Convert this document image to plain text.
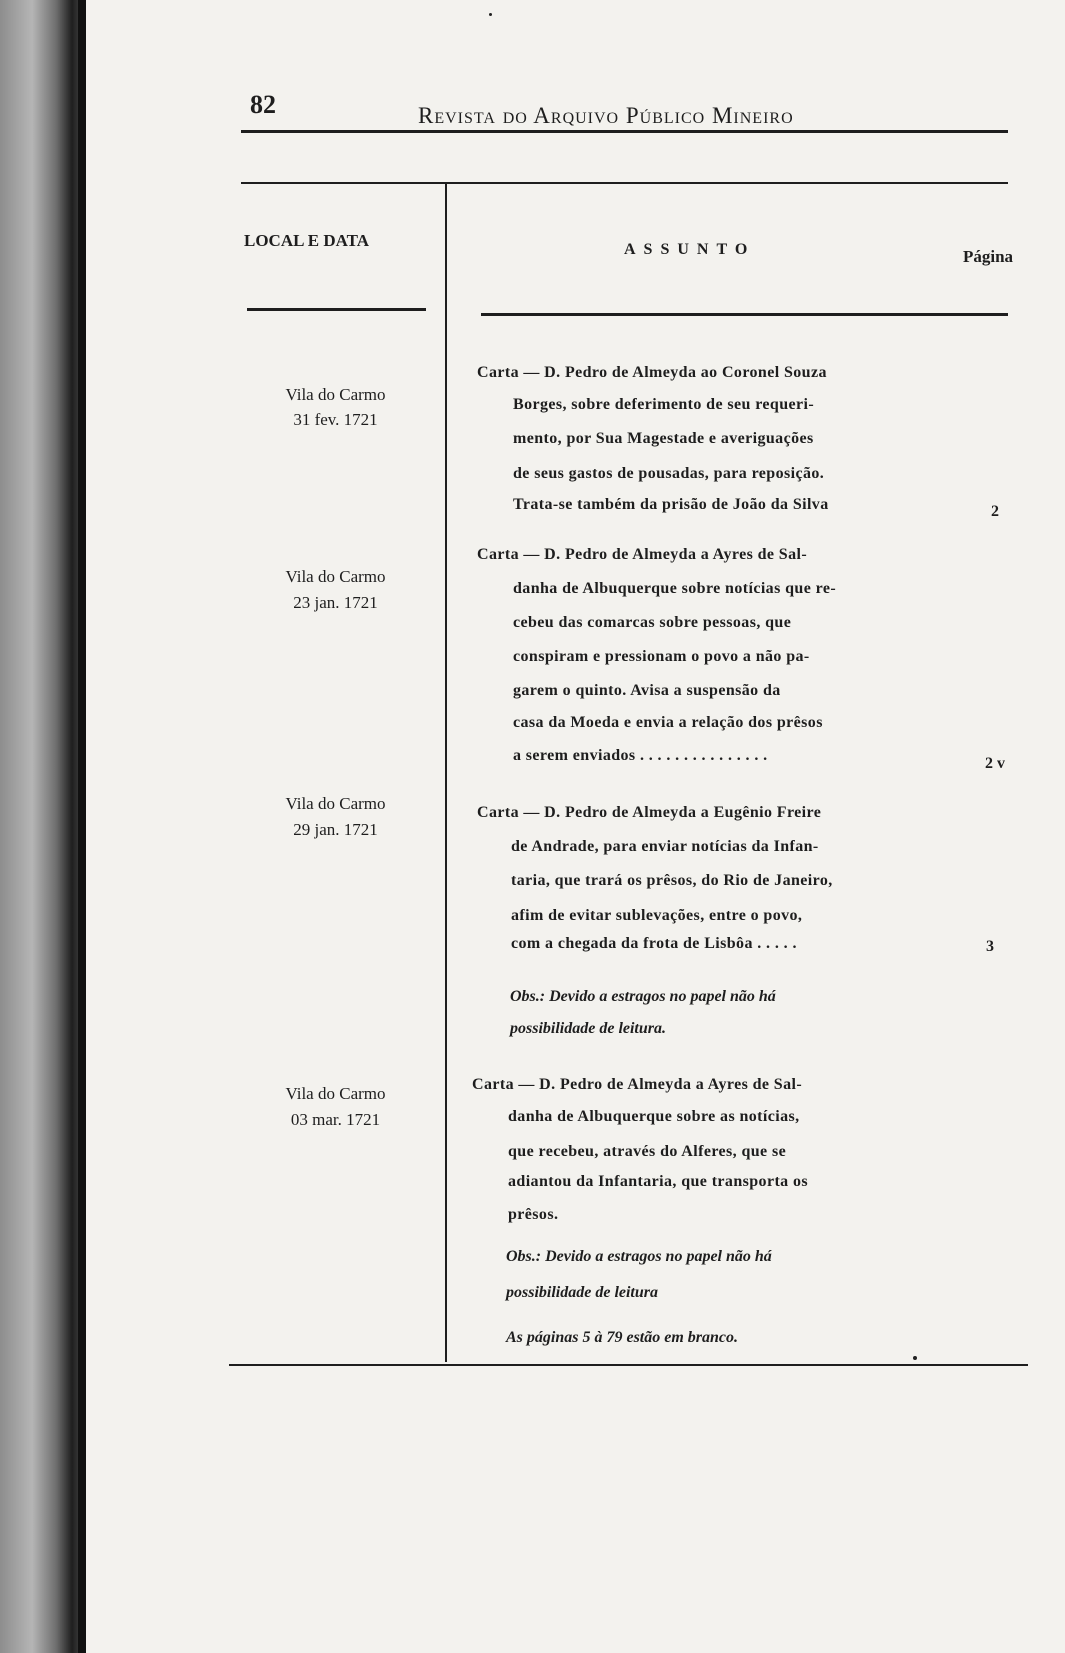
82	Revista do Arquivo Público Mineiro
LOCAL E DATA	ASSUNTO	Página
Vila do Carmo
31 fev. 1721
Carta — D. Pedro de Almeyda ao Coronel Souza
Borges, sobre deferimento de seu requeri-
mento, por Sua Magestade e averiguações
de seus gastos de pousadas, para reposição.
Trata-se também da prisão de João da Silva	2
Vila do Carmo
23 jan. 1721
Carta — D. Pedro de Almeyda a Ayres de Sal-
danha de Albuquerque sobre notícias que re-
cebeu das comarcas sobre pessoas, que
conspiram e pressionam o povo a não pa-
garem o quinto. Avisa a suspensão da
casa da Moeda e envia a relação dos prêsos
a serem enviados . . . . . . . . . . . . . . .	2 v
Vila do Carmo
29 jan. 1721
Carta — D. Pedro de Almeyda a Eugênio Freire
de Andrade, para enviar notícias da Infan-
taria, que trará os prêsos, do Rio de Janeiro,
afim de evitar sublevações, entre o povo,
com a chegada da frota de Lisbôa . . . . .	3
Obs.: Devido a estragos no papel não há
possibilidade de leitura.
Vila do Carmo
03 mar. 1721
Carta — D. Pedro de Almeyda a Ayres de Sal-
danha de Albuquerque sobre as notícias,
que recebeu, através do Alferes, que se
adiantou da Infantaria, que transporta os
prêsos.
Obs.: Devido a estragos no papel não há
possibilidade de leitura
As páginas 5 à 79 estão em branco.
